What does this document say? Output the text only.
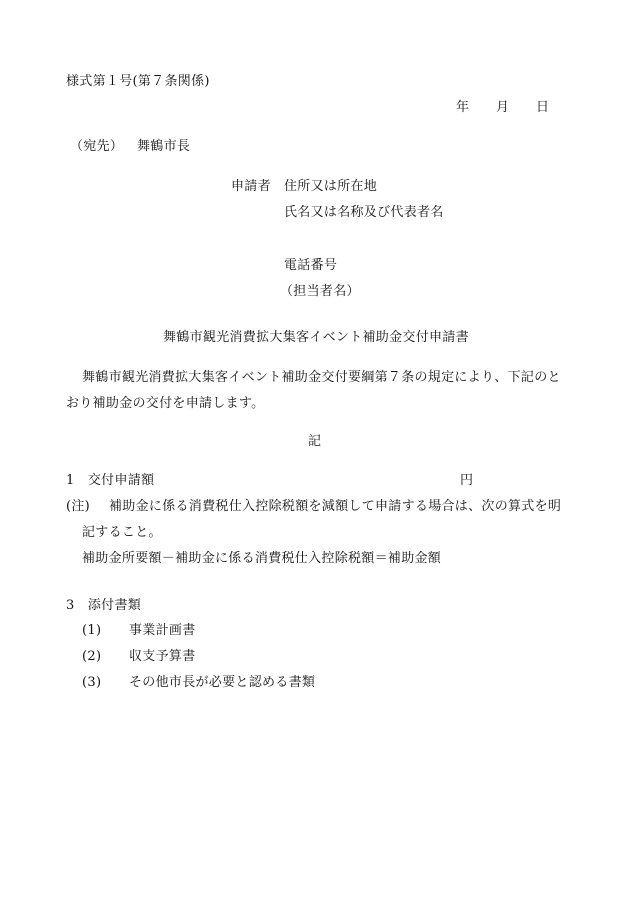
様式第１号(第７条関係)
年 月 日
（宛先） 舞鶴市長
申請者 住所又は所在地
氏名又は名称及び代表者名
電話番号
（担当者名）
舞鶴市観光消費拡大集客イベント補助金交付申請書
舞鶴市観光消費拡大集客イベント補助金交付要綱第７条の規定により、下記のと
おり補助金の交付を申請します。
記
1　交付申請額	円
(注) 補助金に係る消費税仕入控除税額を減額して申請する場合は、次の算式を明
記すること。
補助金所要額－補助金に係る消費税仕入控除税額＝補助金額
3　添付書類
(1) 事業計画書
(2) 収支予算書
(3) その他市長が必要と認める書類
